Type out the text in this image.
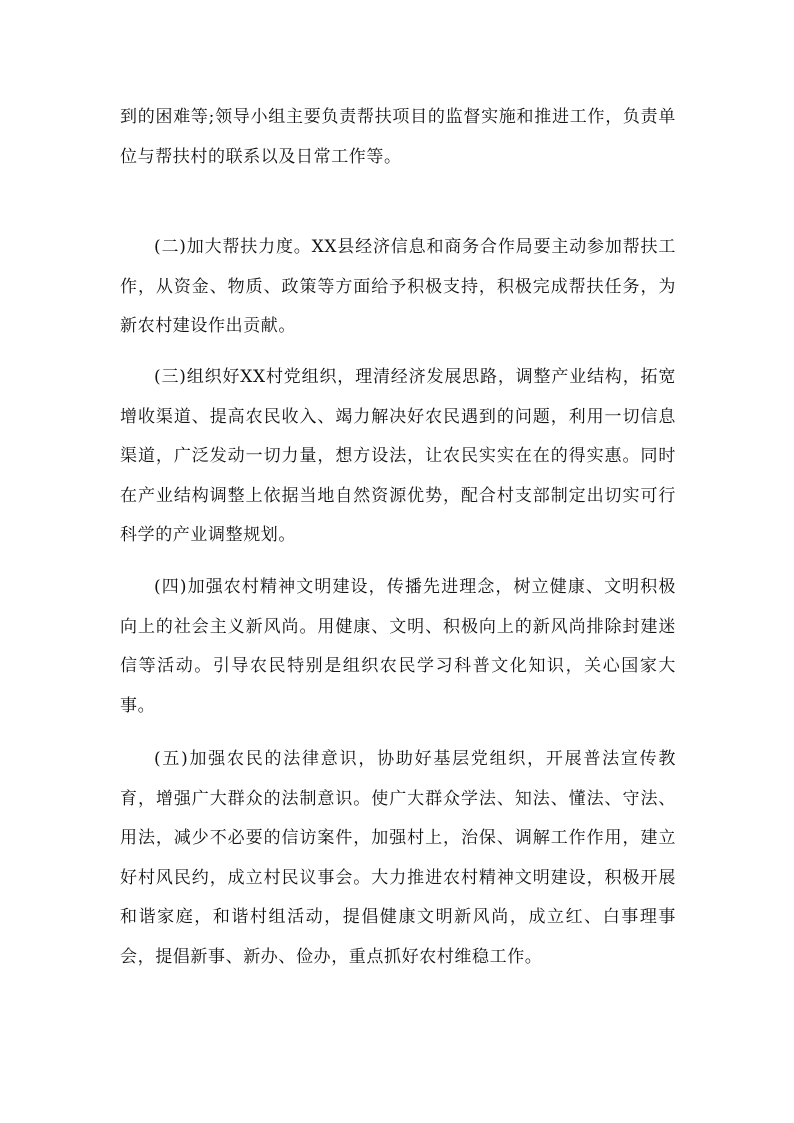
到的困难等;领导小组主要负责帮扶项目的监督实施和推进工作，负责单位与帮扶村的联系以及日常工作等。

(二)加大帮扶力度。XX县经济信息和商务合作局要主动参加帮扶工作，从资金、物质、政策等方面给予积极支持，积极完成帮扶任务，为新农村建设作出贡献。

(三)组织好XX村党组织，理清经济发展思路，调整产业结构，拓宽增收渠道、提高农民收入、竭力解决好农民遇到的问题，利用一切信息渠道，广泛发动一切力量，想方设法，让农民实实在在的得实惠。同时在产业结构调整上依据当地自然资源优势，配合村支部制定出切实可行科学的产业调整规划。

(四)加强农村精神文明建设，传播先进理念，树立健康、文明积极向上的社会主义新风尚。用健康、文明、积极向上的新风尚排除封建迷信等活动。引导农民特别是组织农民学习科普文化知识，关心国家大事。

(五)加强农民的法律意识，协助好基层党组织，开展普法宣传教育，增强广大群众的法制意识。使广大群众学法、知法、懂法、守法、用法，减少不必要的信访案件，加强村上，治保、调解工作作用，建立好村风民约，成立村民议事会。大力推进农村精神文明建设，积极开展和谐家庭，和谐村组活动，提倡健康文明新风尚，成立红、白事理事会，提倡新事、新办、俭办，重点抓好农村维稳工作。
